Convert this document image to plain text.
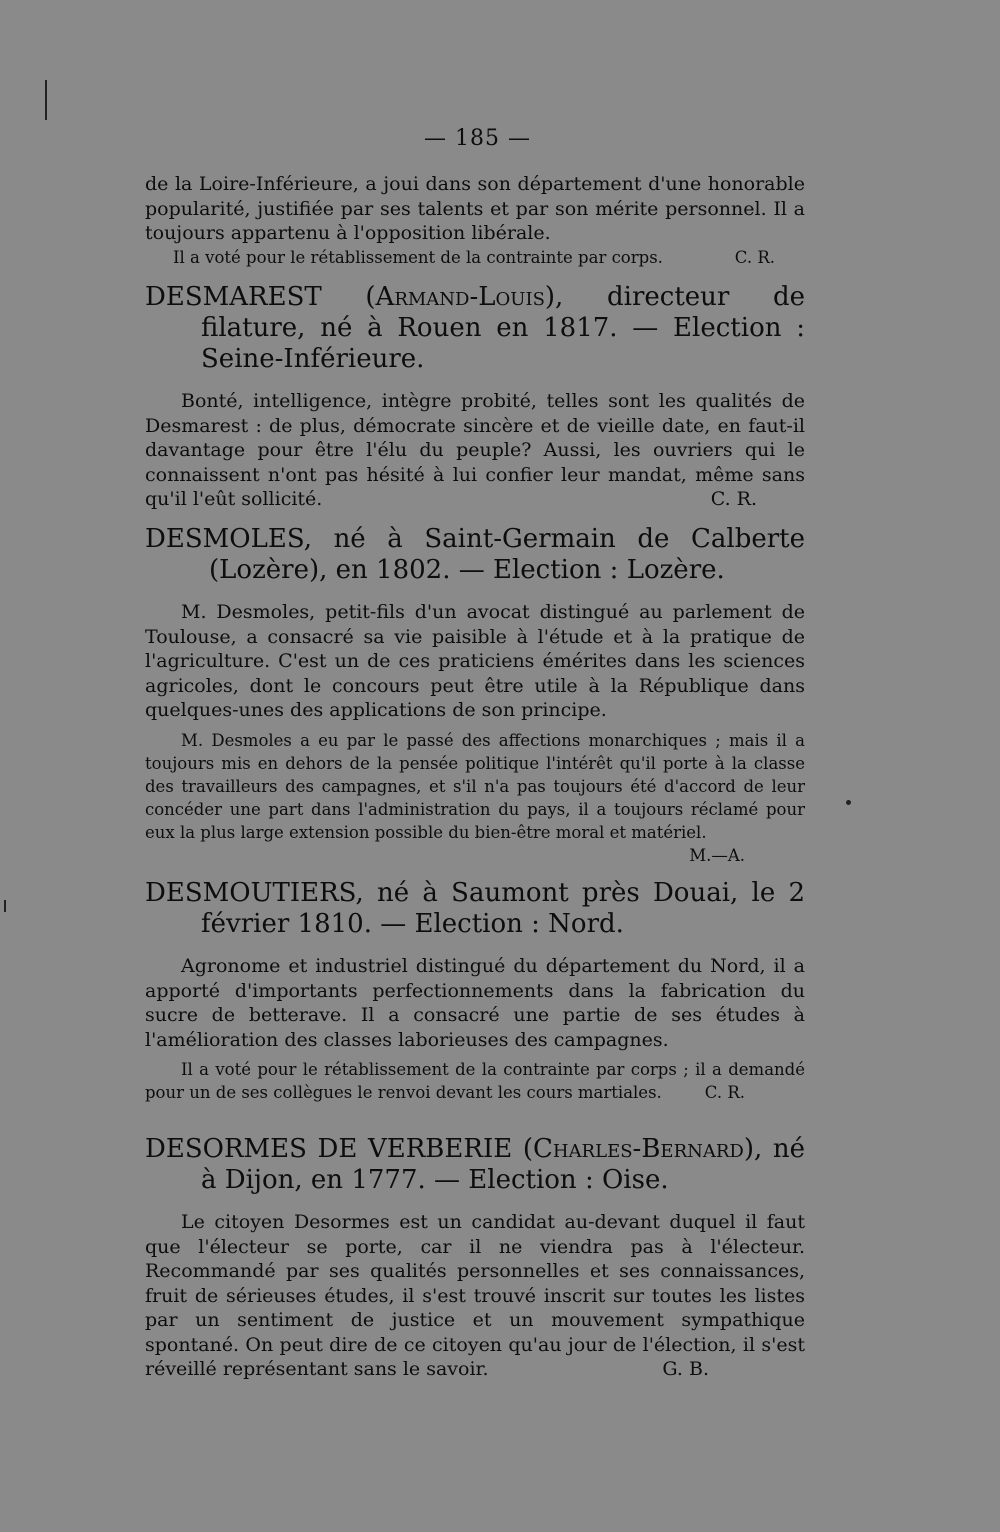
— 185 —

de la Loire-Inférieure, a joui dans son département d'une honorable popularité, justifiée par ses talents et par son mérite personnel. Il a toujours appartenu à l'opposition libérale.

Il a voté pour le rétablissement de la contrainte par corps.	C. R.

DESMAREST (Armand-Louis), directeur de filature, né à Rouen en 1817. — Election : Seine-Inférieure.

Bonté, intelligence, intègre probité, telles sont les qualités de Desmarest : de plus, démocrate sincère et de vieille date, en faut-il davantage pour être l'élu du peuple? Aussi, les ouvriers qui le connaissent n'ont pas hésité à lui confier leur mandat, même sans qu'il l'eût sollicité.	C. R.

DESMOLES, né à Saint-Germain de Calberte (Lozère), en 1802. — Election : Lozère.

M. Desmoles, petit-fils d'un avocat distingué au parlement de Toulouse, a consacré sa vie paisible à l'étude et à la pratique de l'agriculture. C'est un de ces praticiens émérites dans les sciences agricoles, dont le concours peut être utile à la République dans quelques-unes des applications de son principe.

M. Desmoles a eu par le passé des affections monarchiques ; mais il a toujours mis en dehors de la pensée politique l'intérêt qu'il porte à la classe des travailleurs des campagnes, et s'il n'a pas toujours été d'accord de leur concéder une part dans l'administration du pays, il a toujours réclamé pour eux la plus large extension possible du bien-être moral et matériel.
M.—A.

DESMOUTIERS, né à Saumont près Douai, le 2 février 1810. — Election : Nord.

Agronome et industriel distingué du département du Nord, il a apporté d'importants perfectionnements dans la fabrication du sucre de betterave. Il a consacré une partie de ses études à l'amélioration des classes laborieuses des campagnes.

Il a voté pour le rétablissement de la contrainte par corps ; il a demandé pour un de ses collègues le renvoi devant les cours martiales.	C. R.

DESORMES DE VERBERIE (Charles-Bernard), né à Dijon, en 1777. — Election : Oise.

Le citoyen Desormes est un candidat au-devant duquel il faut que l'électeur se porte, car il ne viendra pas à l'électeur. Recommandé par ses qualités personnelles et ses connaissances, fruit de sérieuses études, il s'est trouvé inscrit sur toutes les listes par un sentiment de justice et un mouvement sympathique spontané. On peut dire de ce citoyen qu'au jour de l'élection, il s'est réveillé représentant sans le savoir.	G. B.
